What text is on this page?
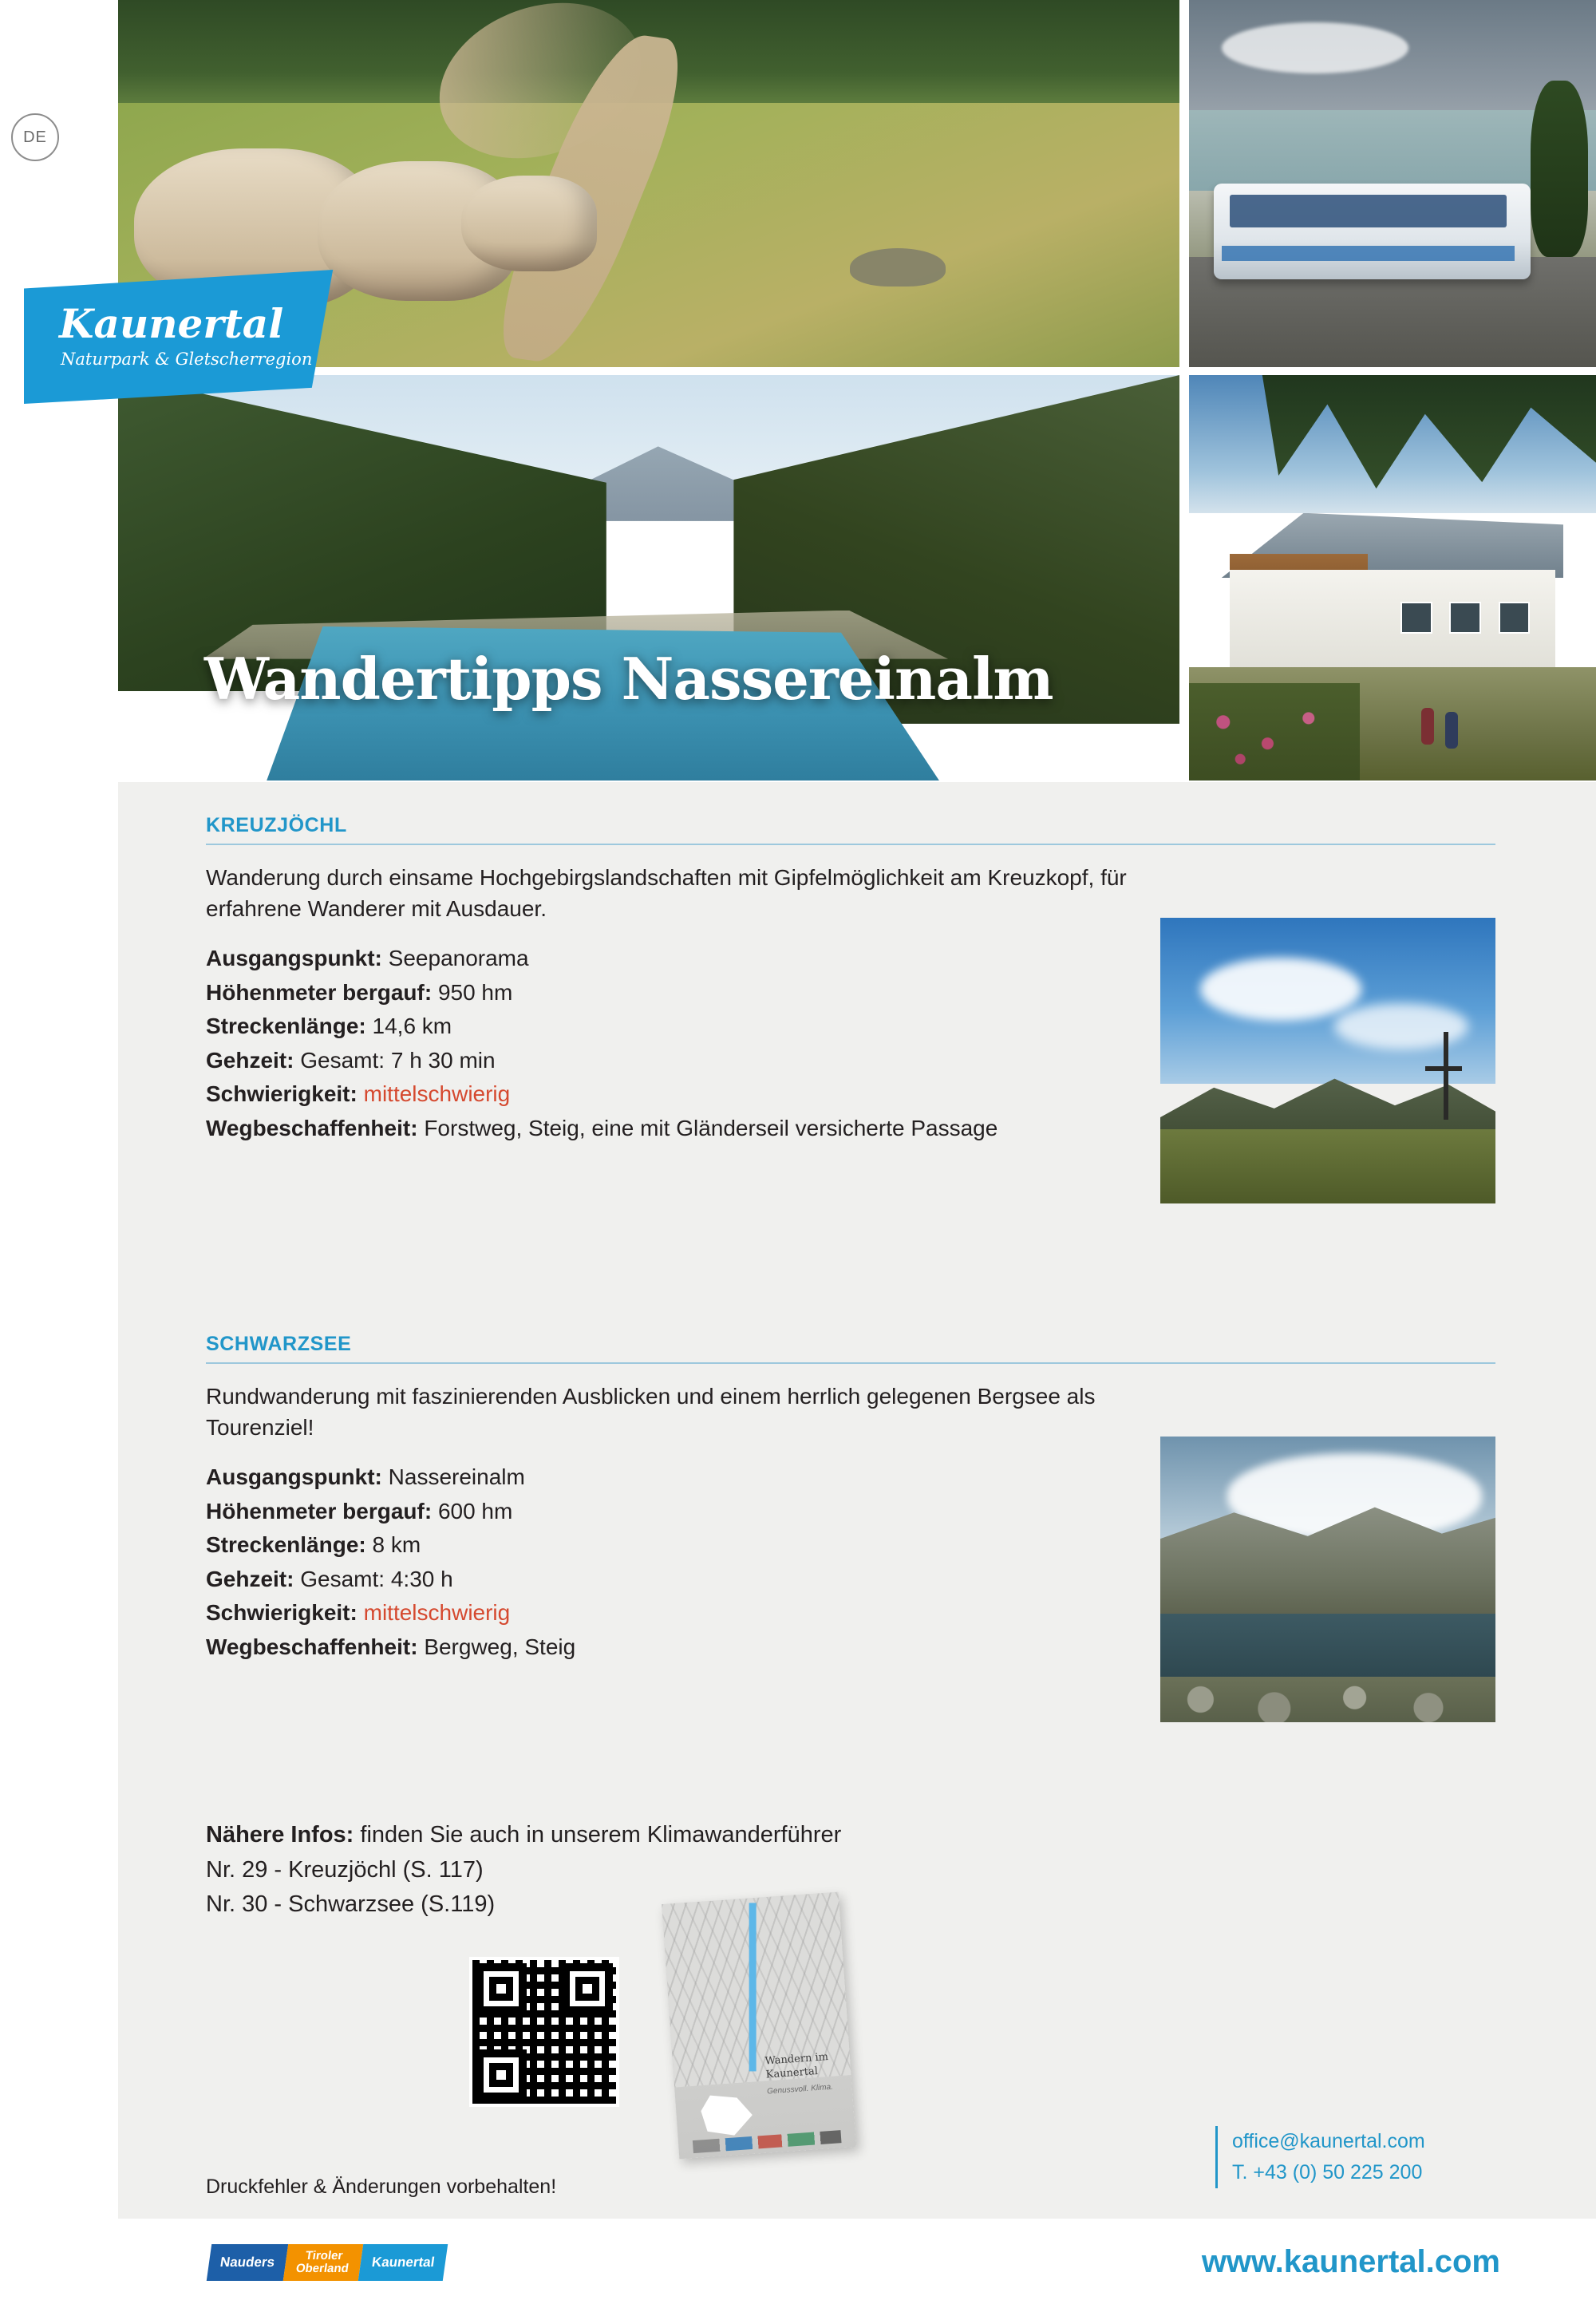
Wandertipps Nassereinalm
DE
Kaunertal
Naturpark & Gletscherregion
KREUZJÖCHL
Wanderung durch einsame Hochgebirgslandschaften mit Gipfelmöglichkeit am Kreuzkopf, für erfahrene Wanderer mit Ausdauer.
Ausgangspunkt: Seepanorama
Höhenmeter bergauf: 950 hm
Streckenlänge: 14,6 km
Gehzeit: Gesamt: 7 h 30 min
Schwierigkeit: mittelschwierig
Wegbeschaffenheit: Forstweg, Steig, eine mit Gländerseil versicherte Passage
SCHWARZSEE
Rundwanderung mit faszinierenden Ausblicken und einem herrlich gelegenen Bergsee als Tourenziel!
Ausgangspunkt: Nassereinalm
Höhenmeter bergauf: 600 hm
Streckenlänge: 8 km
Gehzeit: Gesamt: 4:30 h
Schwierigkeit: mittelschwierig
Wegbeschaffenheit: Bergweg, Steig
Nähere Infos: finden Sie auch in unserem Klimawanderführer
Nr. 29 - Kreuzjöchl (S. 117)
Nr. 30 - Schwarzsee (S.119)
Wandern im Kaunertal
Genussvoll. Klima.
Druckfehler & Änderungen vorbehalten!
office@kaunertal.com
T. +43 (0) 50 225 200
Nauders	Tiroler
Oberland	Kaunertal	www.kaunertal.com
